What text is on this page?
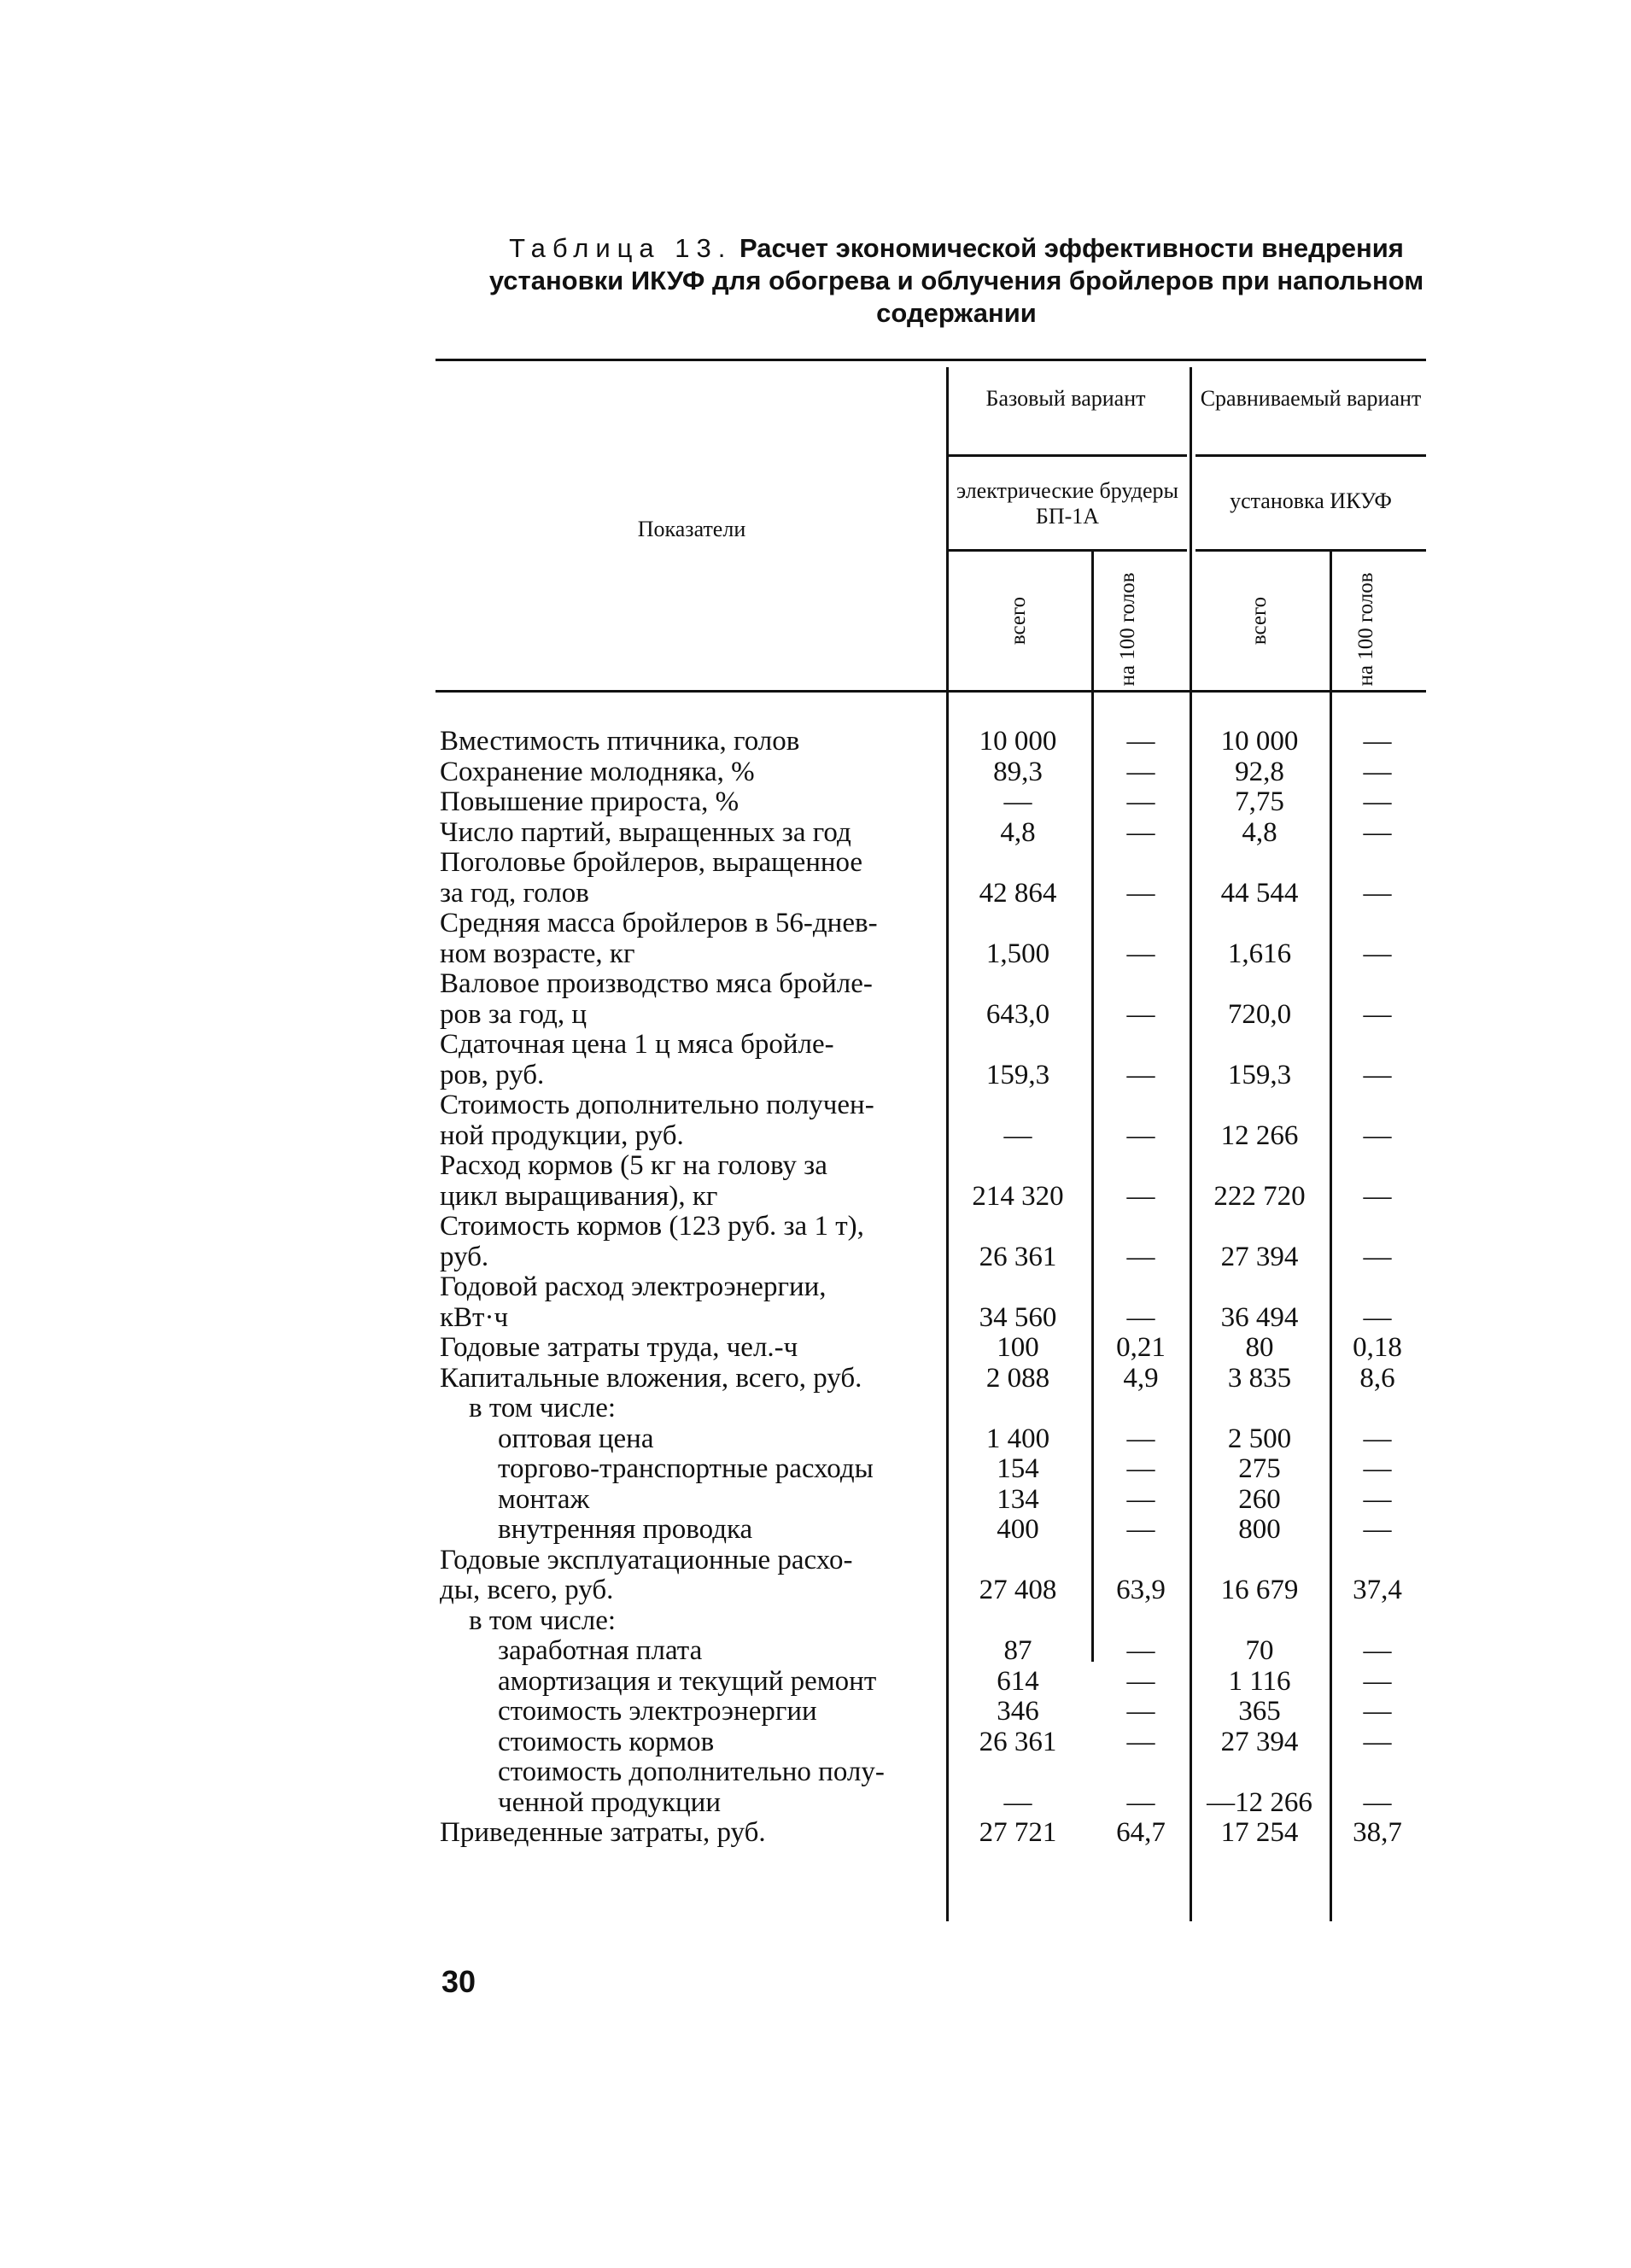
Таблица 13. Расчет экономической эффективности внедрения установки ИКУФ для обогрева и облучения бройлеров при напольном содержании
Показатели
Базовый вариант Сравниваемый вариант
электрические брудеры БП-1А
установка ИКУФ
всего	на 100 голов	всего	на 100 голов
Вместимость птичника, голов	10 000	—	10 000	—
Сохранение молодняка, %	89,3	—	92,8	—
Повышение прироста, %	—	—	7,75	—
Число партий, выращенных за год	4,8	—	4,8	—
Поголовье бройлеров, выращенное
за год, голов	42 864	—	44 544	—
Средняя масса бройлеров в 56-днев-
ном возрасте, кг	1,500	—	1,616	—
Валовое производство мяса бройле-
ров за год, ц	643,0	—	720,0	—
Сдаточная цена 1 ц мяса бройле-
ров, руб.	159,3	—	159,3	—
Стоимость дополнительно получен-
ной продукции, руб.	—	—	12 266	—
Расход кормов (5 кг на голову за
цикл выращивания), кг	214 320	—	222 720	—
Стоимость кормов (123 руб. за 1 т),
руб.	26 361	—	27 394	—
Годовой расход электроэнергии,
кВт·ч	34 560	—	36 494	—
Годовые затраты труда, чел.-ч	100	0,21	80	0,18
Капитальные вложения, всего, руб.	2 088	4,9	3 835	8,6
в том числе:
оптовая цена	1 400	—	2 500	—
торгово-транспортные расходы	154	—	275	—
монтаж	134	—	260	—
внутренняя проводка	400	—	800	—
Годовые эксплуатационные расхо-
ды, всего, руб.	27 408	63,9	16 679	37,4
в том числе:
заработная плата	87	—	70	—
амортизация и текущий ремонт	614	—	1 116	—
стоимость электроэнергии	346	—	365	—
стоимость кормов	26 361	—	27 394	—
стоимость дополнительно полу-
ченной продукции	—	—	—12 266	—
Приведенные затраты, руб.	27 721	64,7	17 254	38,7
30
